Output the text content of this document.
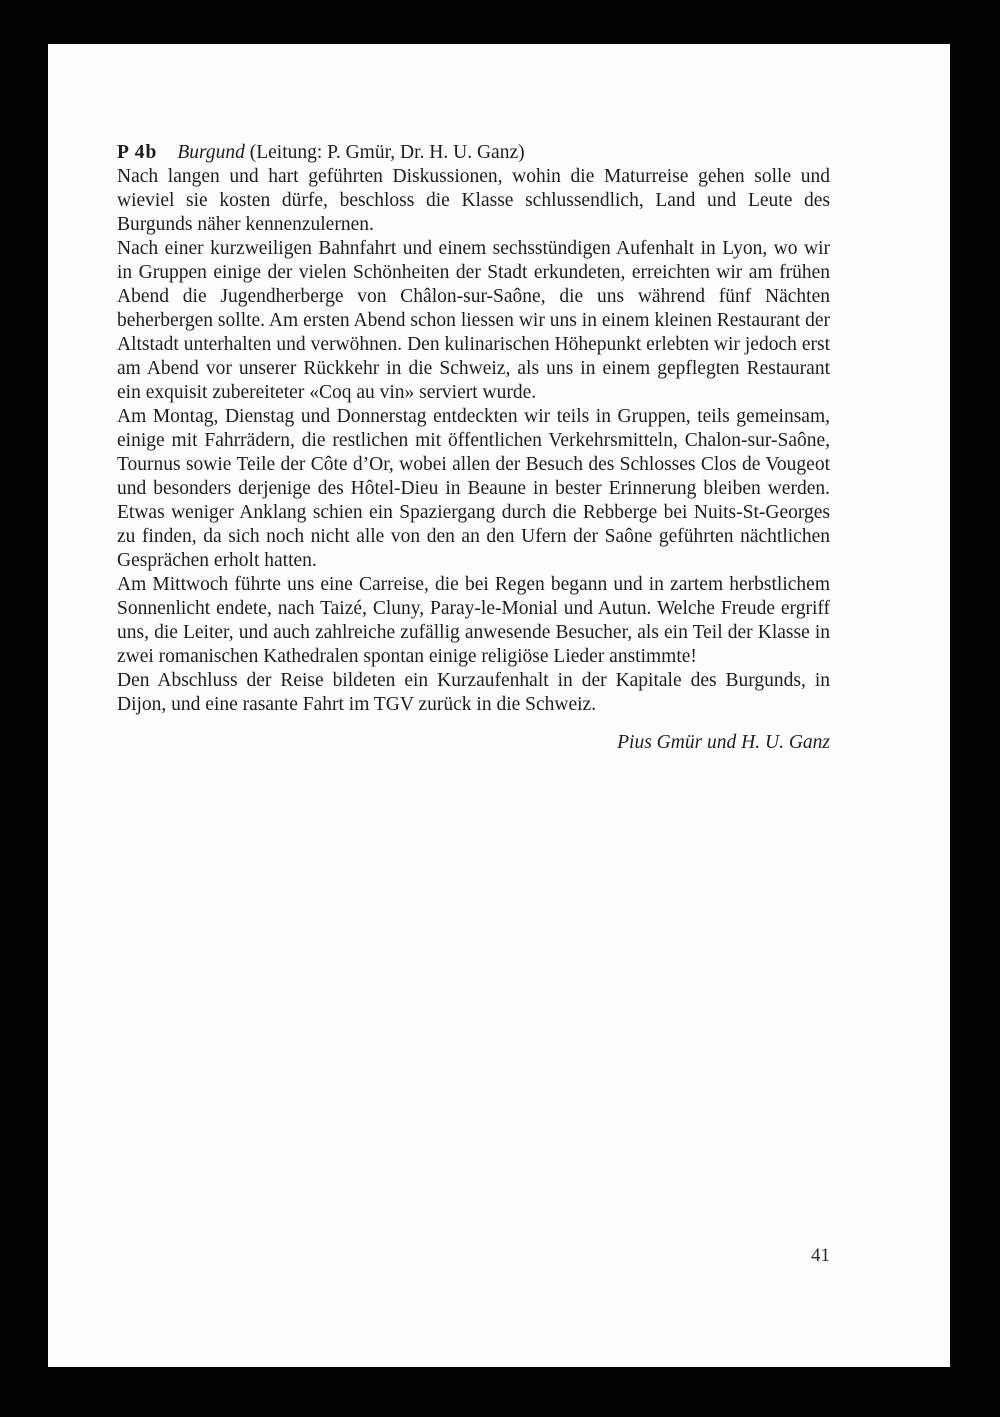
P 4b Burgund (Leitung: P. Gmür, Dr. H. U. Ganz)

Nach langen und hart geführten Diskussionen, wohin die Maturreise gehen solle und wieviel sie kosten dürfe, beschloss die Klasse schlussendlich, Land und Leute des Burgunds näher kennenzulernen.

Nach einer kurzweiligen Bahnfahrt und einem sechsstündigen Aufenhalt in Lyon, wo wir in Gruppen einige der vielen Schönheiten der Stadt erkundeten, erreichten wir am frühen Abend die Jugendherberge von Châlon-sur-Saône, die uns während fünf Nächten beherbergen sollte. Am ersten Abend schon liessen wir uns in einem kleinen Restaurant der Altstadt unterhalten und verwöhnen. Den kulinarischen Höhepunkt erlebten wir jedoch erst am Abend vor unserer Rückkehr in die Schweiz, als uns in einem gepflegten Restaurant ein exquisit zubereiteter «Coq au vin» serviert wurde.

Am Montag, Dienstag und Donnerstag entdeckten wir teils in Gruppen, teils gemeinsam, einige mit Fahrrädern, die restlichen mit öffentlichen Verkehrsmitteln, Chalon-sur-Saône, Tournus sowie Teile der Côte d’Or, wobei allen der Besuch des Schlosses Clos de Vougeot und besonders derjenige des Hôtel-Dieu in Beaune in bester Erinnerung bleiben werden. Etwas weniger Anklang schien ein Spaziergang durch die Rebberge bei Nuits-St-Georges zu finden, da sich noch nicht alle von den an den Ufern der Saône geführten nächtlichen Gesprächen erholt hatten.

Am Mittwoch führte uns eine Carreise, die bei Regen begann und in zartem herbstlichem Sonnenlicht endete, nach Taizé, Cluny, Paray-le-Monial und Autun. Welche Freude ergriff uns, die Leiter, und auch zahlreiche zufällig anwesende Besucher, als ein Teil der Klasse in zwei romanischen Kathedralen spontan einige religiöse Lieder anstimmte!

Den Abschluss der Reise bildeten ein Kurzaufenhalt in der Kapitale des Burgunds, in Dijon, und eine rasante Fahrt im TGV zurück in die Schweiz.

Pius Gmür und H. U. Ganz

41
